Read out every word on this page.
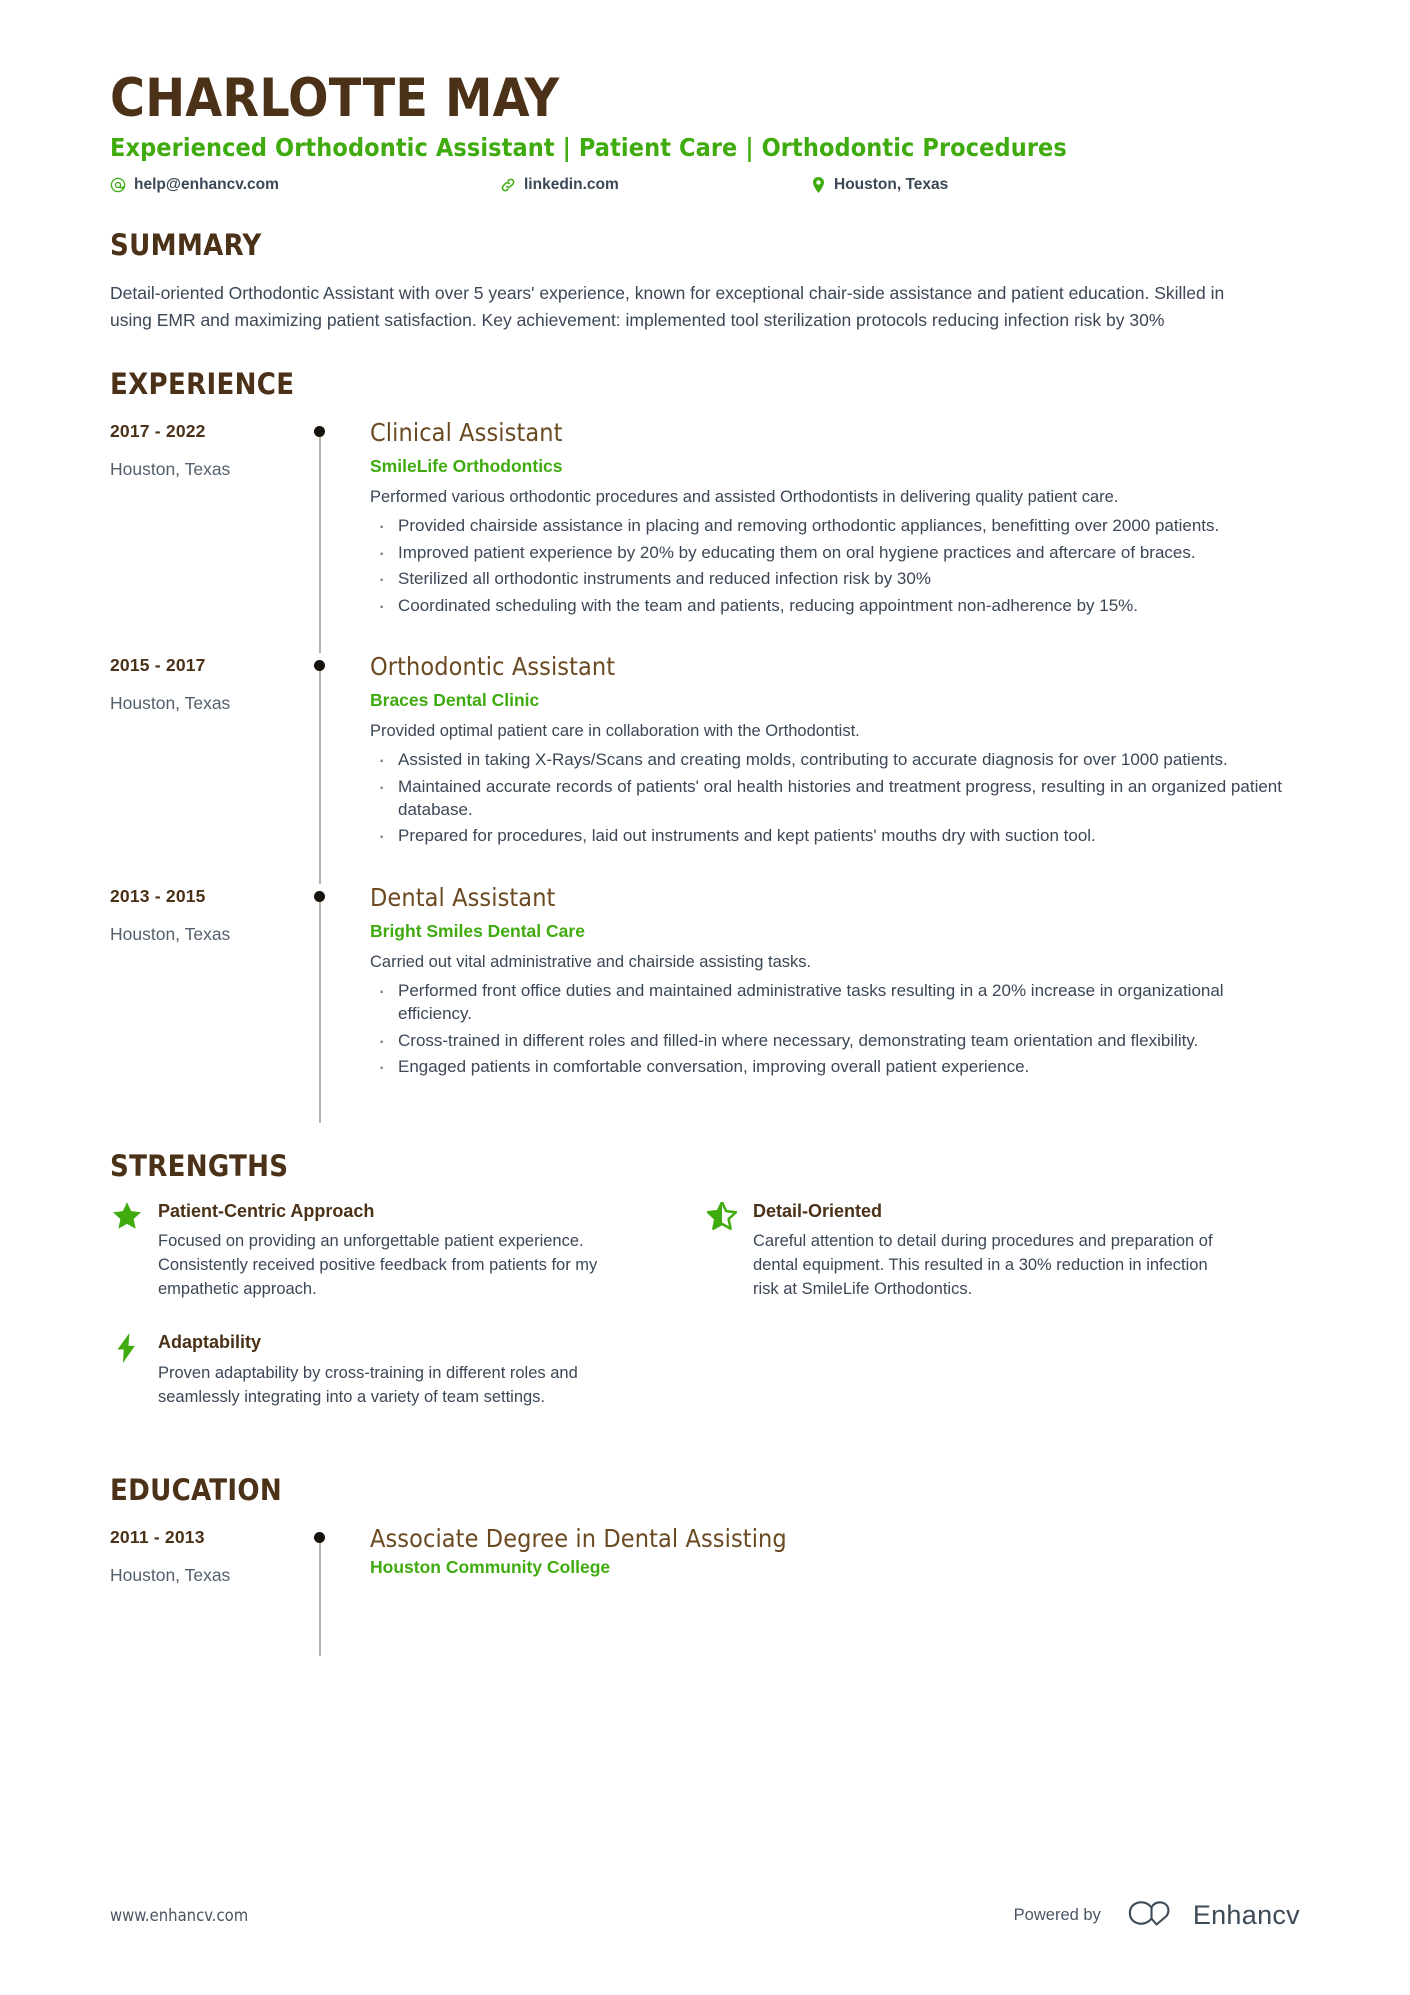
CHARLOTTE MAY
Experienced Orthodontic Assistant | Patient Care | Orthodontic Procedures
help@enhancv.com	linkedin.com	Houston, Texas
SUMMARY
Detail-oriented Orthodontic Assistant with over 5 years' experience, known for exceptional chair-side assistance and patient education. Skilled in using EMR and maximizing patient satisfaction. Key achievement: implemented tool sterilization protocols reducing infection risk by 30%
EXPERIENCE
2017 - 2022
Houston, Texas
Clinical Assistant
SmileLife Orthodontics
Performed various orthodontic procedures and assisted Orthodontists in delivering quality patient care.
· Provided chairside assistance in placing and removing orthodontic appliances, benefitting over 2000 patients.
· Improved patient experience by 20% by educating them on oral hygiene practices and aftercare of braces.
· Sterilized all orthodontic instruments and reduced infection risk by 30%
· Coordinated scheduling with the team and patients, reducing appointment non-adherence by 15%.
2015 - 2017
Houston, Texas
Orthodontic Assistant
Braces Dental Clinic
Provided optimal patient care in collaboration with the Orthodontist.
· Assisted in taking X-Rays/Scans and creating molds, contributing to accurate diagnosis for over 1000 patients.
· Maintained accurate records of patients' oral health histories and treatment progress, resulting in an organized patient database.
· Prepared for procedures, laid out instruments and kept patients' mouths dry with suction tool.
2013 - 2015
Houston, Texas
Dental Assistant
Bright Smiles Dental Care
Carried out vital administrative and chairside assisting tasks.
· Performed front office duties and maintained administrative tasks resulting in a 20% increase in organizational efficiency.
· Cross-trained in different roles and filled-in where necessary, demonstrating team orientation and flexibility.
· Engaged patients in comfortable conversation, improving overall patient experience.
STRENGTHS
Patient-Centric Approach
Focused on providing an unforgettable patient experience. Consistently received positive feedback from patients for my empathetic approach.
Detail-Oriented
Careful attention to detail during procedures and preparation of dental equipment. This resulted in a 30% reduction in infection risk at SmileLife Orthodontics.
Adaptability
Proven adaptability by cross-training in different roles and seamlessly integrating into a variety of team settings.
EDUCATION
2011 - 2013
Houston, Texas
Associate Degree in Dental Assisting
Houston Community College
www.enhancv.com	Powered by	Enhancv
